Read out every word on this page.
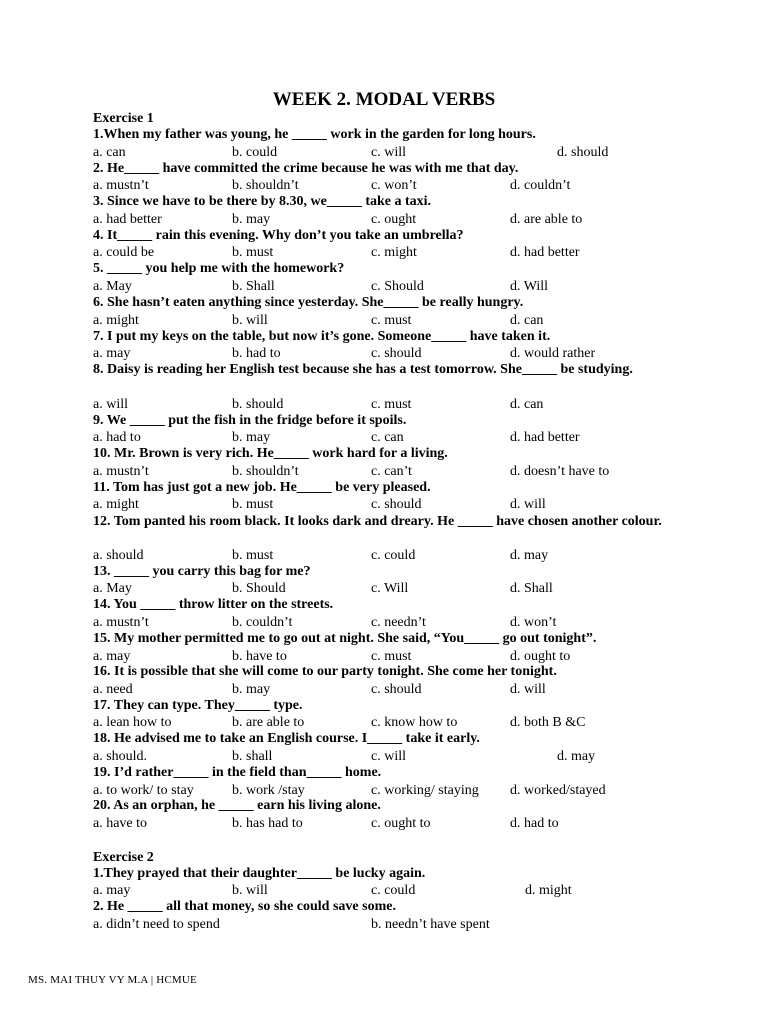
WEEK 2. MODAL VERBS
Exercise 1
1.When my father was young, he _____ work in the garden for long hours.
a. can	b. could	c. will	d. should
2. He_____ have committed the crime because he was with me that day.
a. mustn’t	b. shouldn’t	c. won’t	d. couldn’t
3. Since we have to be there by 8.30, we_____ take a taxi.
a. had better	b. may	c. ought	d. are able to
4. It_____ rain this evening. Why don’t you take an umbrella?
a. could be	b. must	c. might	d. had better
5. _____ you help me with the homework?
a. May	b. Shall	c. Should	d. Will
6. She hasn’t eaten anything since yesterday. She_____ be really hungry.
a. might	b. will	c. must	d. can
7. I put my keys on the table, but now it’s gone. Someone_____ have taken it.
a. may	b. had to	c. should	d. would rather
8. Daisy is reading her English test because she has a test tomorrow. She_____ be studying.
a. will	b. should	c. must	d. can
9. We _____ put the fish in the fridge before it spoils.
a. had to	b. may	c. can	d. had better
10. Mr. Brown is very rich. He_____ work hard for a living.
a. mustn’t	b. shouldn’t	c. can’t	d. doesn’t have to
11. Tom has just got a new job. He_____ be very pleased.
a. might	b. must	c. should	d. will
12. Tom panted his room black. It looks dark and dreary. He _____ have chosen another colour.
a. should	b. must	c. could	d. may
13. _____ you carry this bag for me?
a. May	b. Should	c. Will	d. Shall
14. You _____ throw litter on the streets.
a. mustn’t	b. couldn’t	c. needn’t	d. won’t
15. My mother permitted me to go out at night. She said, “You_____ go out tonight”.
a. may	b. have to	c. must	d. ought to
16. It is possible that she will come to our party tonight. She come her tonight.
a. need	b. may	c. should	d. will
17. They can type. They_____ type.
a. lean how to	b. are able to	c. know how to	d. both B &C
18. He advised me to take an English course. I_____ take it early.
a. should.	b. shall	c. will	d. may
19. I’d rather_____ in the field than_____ home.
a. to work/ to stay	b. work /stay	c. working/ staying d. worked/stayed
20. As an orphan, he _____ earn his living alone.
a. have to	b. has had to	c. ought to	d. had to
Exercise 2
1.They prayed that their daughter_____ be lucky again.
a. may	b. will	c. could	d. might
2. He _____ all that money, so she could save some.
a. didn’t need to spend	b. needn’t have spent
MS. MAI THUY VY M.A | HCMUE
